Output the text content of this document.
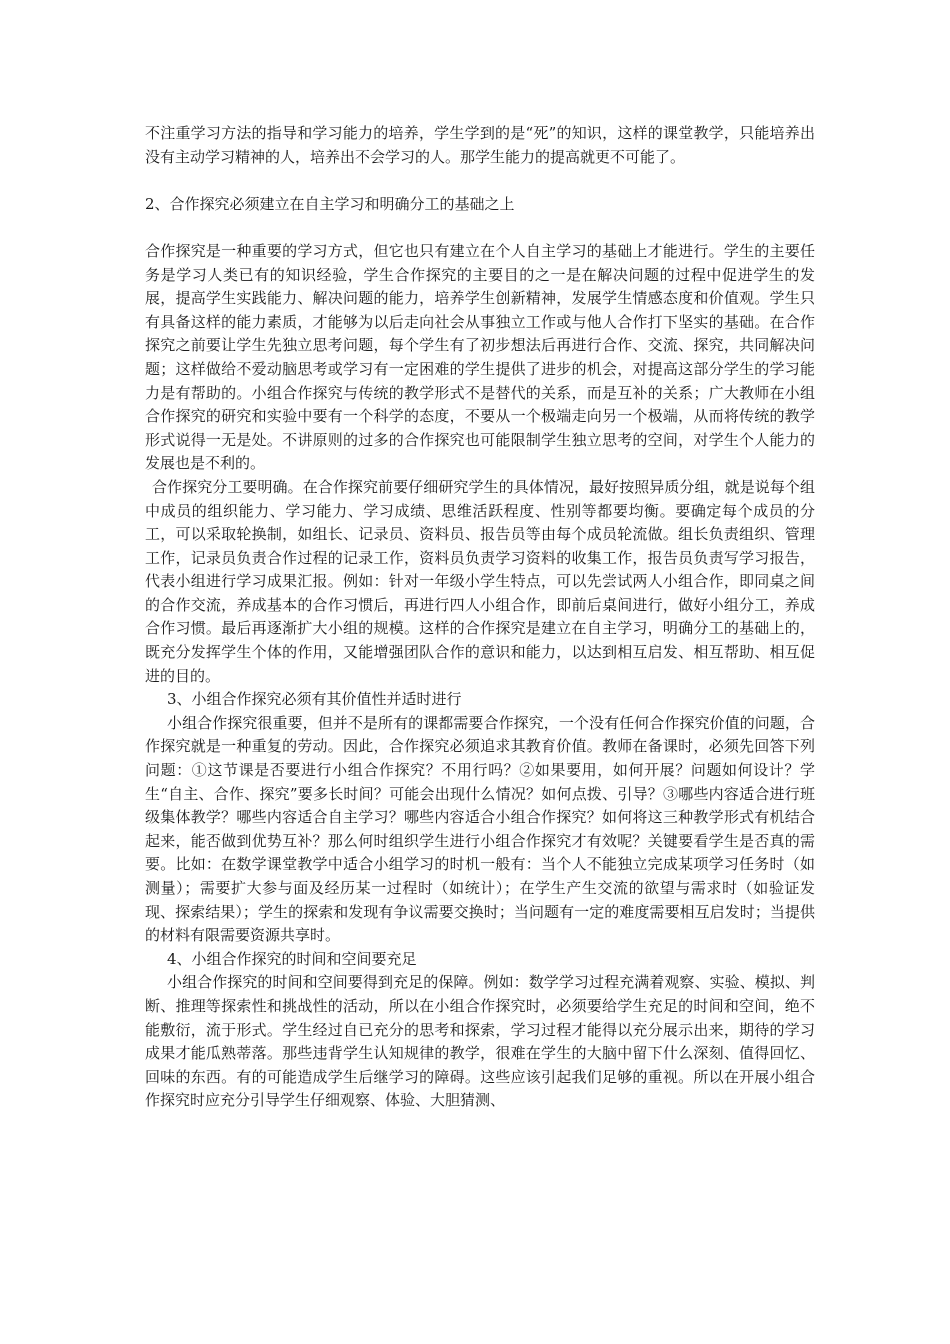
不注重学习方法的指导和学习能力的培养，学生学到的是“死”的知识，这样的课堂教学，只能培养出没有主动学习精神的人，培养出不会学习的人。那学生能力的提高就更不可能了。

2、合作探究必须建立在自主学习和明确分工的基础之上

合作探究是一种重要的学习方式，但它也只有建立在个人自主学习的基础上才能进行。学生的主要任务是学习人类已有的知识经验，学生合作探究的主要目的之一是在解决问题的过程中促进学生的发展，提高学生实践能力、解决问题的能力，培养学生创新精神，发展学生情感态度和价值观。学生只有具备这样的能力素质，才能够为以后走向社会从事独立工作或与他人合作打下坚实的基础。在合作探究之前要让学生先独立思考问题，每个学生有了初步想法后再进行合作、交流、探究，共同解决问题；这样做给不爱动脑思考或学习有一定困难的学生提供了进步的机会，对提高这部分学生的学习能力是有帮助的。小组合作探究与传统的教学形式不是替代的关系，而是互补的关系；广大教师在小组合作探究的研究和实验中要有一个科学的态度，不要从一个极端走向另一个极端，从而将传统的教学形式说得一无是处。不讲原则的过多的合作探究也可能限制学生独立思考的空间，对学生个人能力的发展也是不利的。

合作探究分工要明确。在合作探究前要仔细研究学生的具体情况，最好按照异质分组，就是说每个组中成员的组织能力、学习能力、学习成绩、思维活跃程度、性别等都要均衡。要确定每个成员的分工，可以采取轮换制，如组长、记录员、资料员、报告员等由每个成员轮流做。组长负责组织、管理工作，记录员负责合作过程的记录工作，资料员负责学习资料的收集工作，报告员负责写学习报告，代表小组进行学习成果汇报。例如：针对一年级小学生特点，可以先尝试两人小组合作，即同桌之间的合作交流，养成基本的合作习惯后，再进行四人小组合作，即前后桌间进行，做好小组分工，养成合作习惯。最后再逐渐扩大小组的规模。这样的合作探究是建立在自主学习，明确分工的基础上的，既充分发挥学生个体的作用，又能增强团队合作的意识和能力，以达到相互启发、相互帮助、相互促进的目的。

3、小组合作探究必须有其价值性并适时进行

小组合作探究很重要，但并不是所有的课都需要合作探究，一个没有任何合作探究价值的问题，合作探究就是一种重复的劳动。因此，合作探究必须追求其教育价值。教师在备课时，必须先回答下列问题：①这节课是否要进行小组合作探究？不用行吗？②如果要用，如何开展？问题如何设计？学生“自主、合作、探究”要多长时间？可能会出现什么情况？如何点拨、引导？③哪些内容适合进行班级集体教学？哪些内容适合自主学习？哪些内容适合小组合作探究？如何将这三种教学形式有机结合起来，能否做到优势互补？那么何时组织学生进行小组合作探究才有效呢？关键要看学生是否真的需要。比如：在数学课堂教学中适合小组学习的时机一般有：当个人不能独立完成某项学习任务时（如测量）；需要扩大参与面及经历某一过程时（如统计）；在学生产生交流的欲望与需求时（如验证发现、探索结果）；学生的探索和发现有争议需要交换时；当问题有一定的难度需要相互启发时；当提供的材料有限需要资源共享时。

4、小组合作探究的时间和空间要充足

小组合作探究的时间和空间要得到充足的保障。例如：数学学习过程充满着观察、实验、模拟、判断、推理等探索性和挑战性的活动，所以在小组合作探究时，必须要给学生充足的时间和空间，绝不能敷衍，流于形式。学生经过自已充分的思考和探索，学习过程才能得以充分展示出来，期待的学习成果才能瓜熟蒂落。那些违背学生认知规律的教学，很难在学生的大脑中留下什么深刻、值得回忆、回味的东西。有的可能造成学生后继学习的障碍。这些应该引起我们足够的重视。所以在开展小组合作探究时应充分引导学生仔细观察、体验、大胆猜测、
